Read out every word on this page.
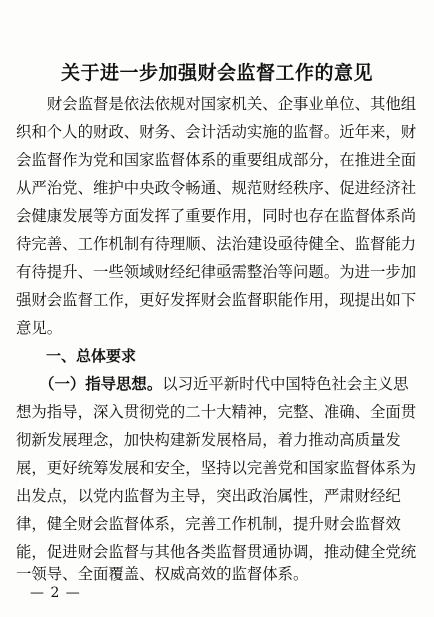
关于进一步加强财会监督工作的意见
　　财会监督是依法依规对国家机关、企事业单位、其他组
织和个人的财政、财务、会计活动实施的监督。近年来，财
会监督作为党和国家监督体系的重要组成部分，在推进全面
从严治党、维护中央政令畅通、规范财经秩序、促进经济社
会健康发展等方面发挥了重要作用，同时也存在监督体系尚
待完善、工作机制有待理顺、法治建设亟待健全、监督能力
有待提升、一些领域财经纪律亟需整治等问题。为进一步加
强财会监督工作，更好发挥财会监督职能作用，现提出如下
意见。
　　一、总体要求
　　（一）指导思想。以习近平新时代中国特色社会主义思
想为指导，深入贯彻党的二十大精神，完整、准确、全面贯
彻新发展理念，加快构建新发展格局，着力推动高质量发
展，更好统筹发展和安全，坚持以完善党和国家监督体系为
出发点，以党内监督为主导，突出政治属性，严肃财经纪
律，健全财会监督体系，完善工作机制，提升财会监督效
能，促进财会监督与其他各类监督贯通协调，推动健全党统
一领导、全面覆盖、权威高效的监督体系。
— 2 —
